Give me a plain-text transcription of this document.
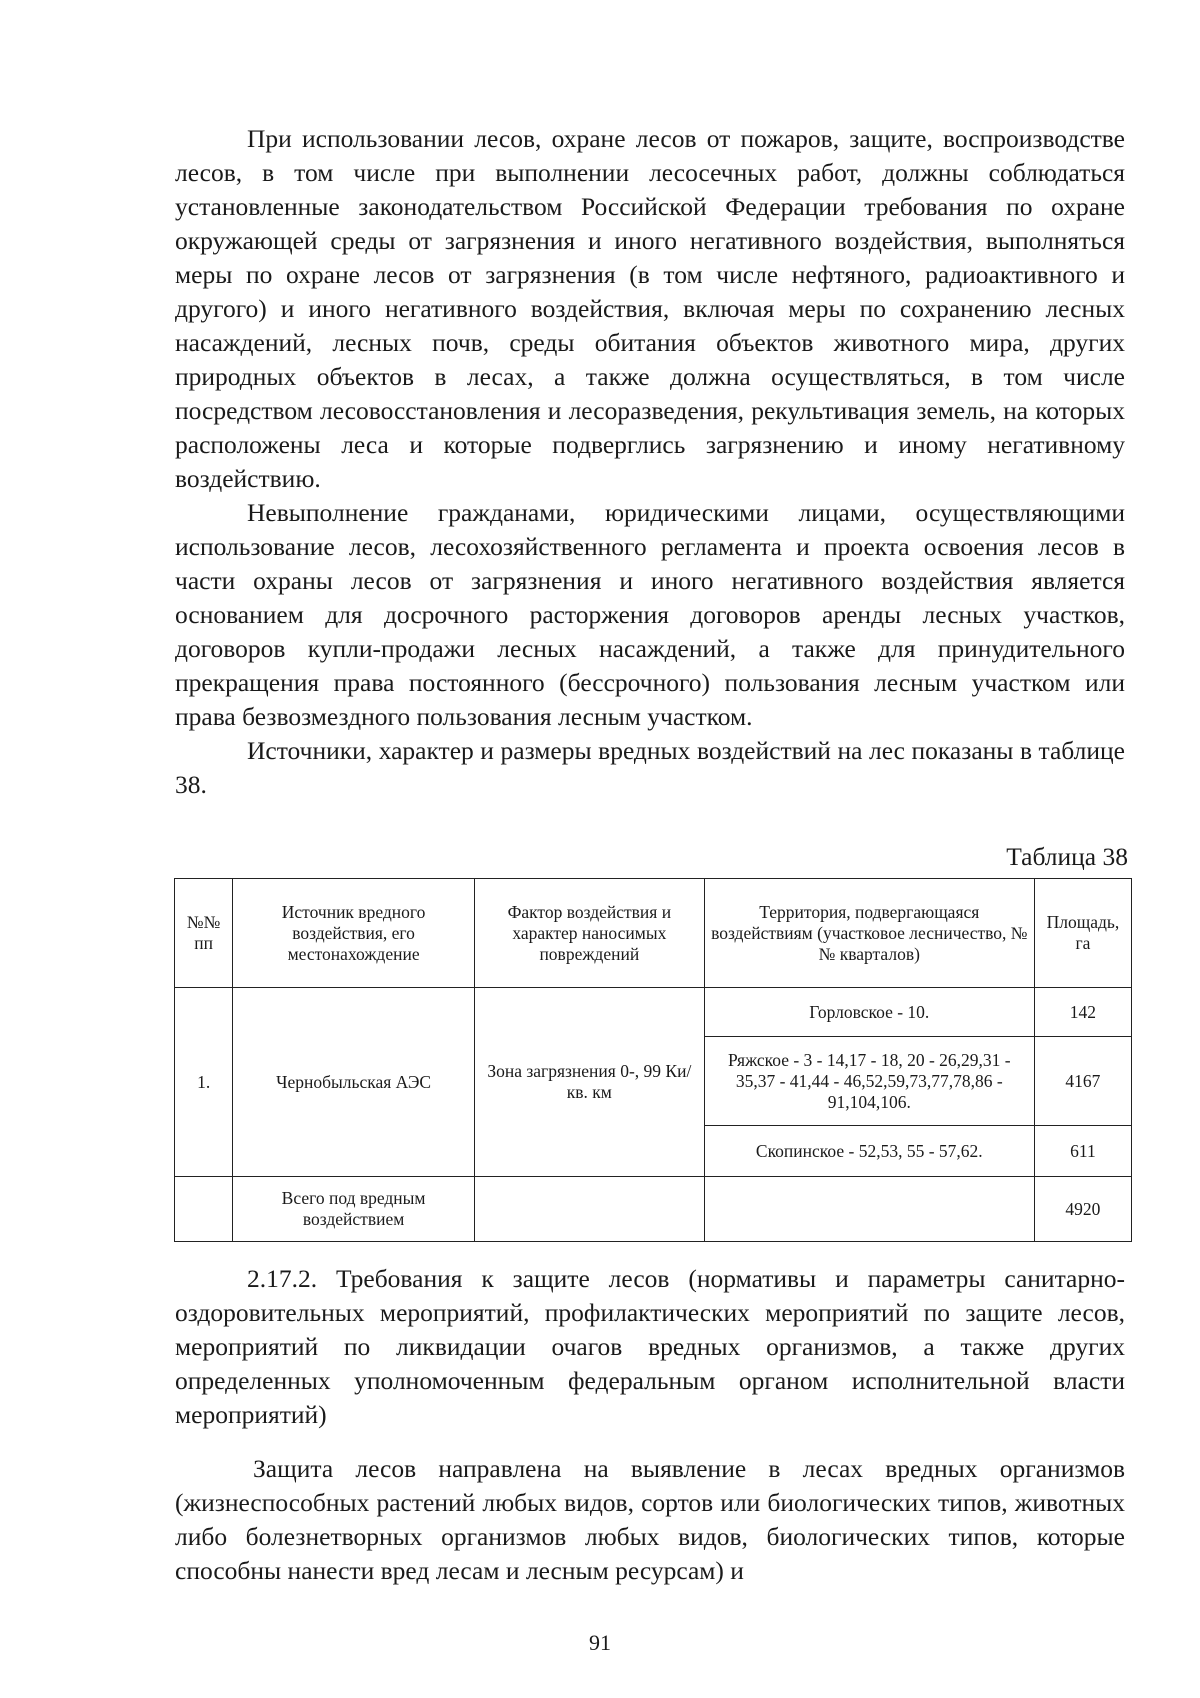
При использовании лесов, охране лесов от пожаров, защите, воспроизводстве лесов, в том числе при выполнении лесосечных работ, должны соблюдаться установленные законодательством Российской Федерации требования по охране окружающей среды от загрязнения и иного негативного воздействия, выполняться меры по охране лесов от загрязнения (в том числе нефтяного, радиоактивного и другого) и иного негативного воздействия, включая меры по сохранению лесных насаждений, лесных почв, среды обитания объектов животного мира, других природных объектов в лесах, а также должна осуществляться, в том числе посредством лесовосстановления и лесоразведения, рекультивация земель, на которых расположены леса и которые подверглись загрязнению и иному негативному воздействию.

Невыполнение гражданами, юридическими лицами, осуществляющими использование лесов, лесохозяйственного регламента и проекта освоения лесов в части охраны лесов от загрязнения и иного негативного воздействия является основанием для досрочного расторжения договоров аренды лесных участков, договоров купли-продажи лесных насаждений, а также для принудительного прекращения права постоянного (бессрочного) пользования лесным участком или права безвозмездного пользования лесным участком.

Источники, характер и размеры вредных воздействий на лес показаны в таблице 38.

Таблица 38
№№ пп	Источник вредного воздействия, его местонахождение	Фактор воздействия и характер наносимых повреждений	Территория, подвергающаяся воздействиям (участковое лесничество, №№ кварталов)	Площадь, га
1.	Чернобыльская АЭС	Зона загрязнения 0-, 99 Ки/кв. км	Горловское - 10.	142
			Ряжское - 3 - 14,17 - 18, 20 - 26,29,31 - 35,37 - 41,44 - 46,52,59,73,77,78,86 - 91,104,106.	4167
			Скопинское - 52,53, 55 - 57,62.	611
	Всего под вредным воздействием			4920

2.17.2. Требования к защите лесов (нормативы и параметры санитарно-оздоровительных мероприятий, профилактических мероприятий по защите лесов, мероприятий по ликвидации очагов вредных организмов, а также других определенных уполномоченным федеральным органом исполнительной власти мероприятий)

Защита лесов направлена на выявление в лесах вредных организмов (жизнеспособных растений любых видов, сортов или биологических типов, животных либо болезнетворных организмов любых видов, биологических типов, которые способны нанести вред лесам и лесным ресурсам) и

91
